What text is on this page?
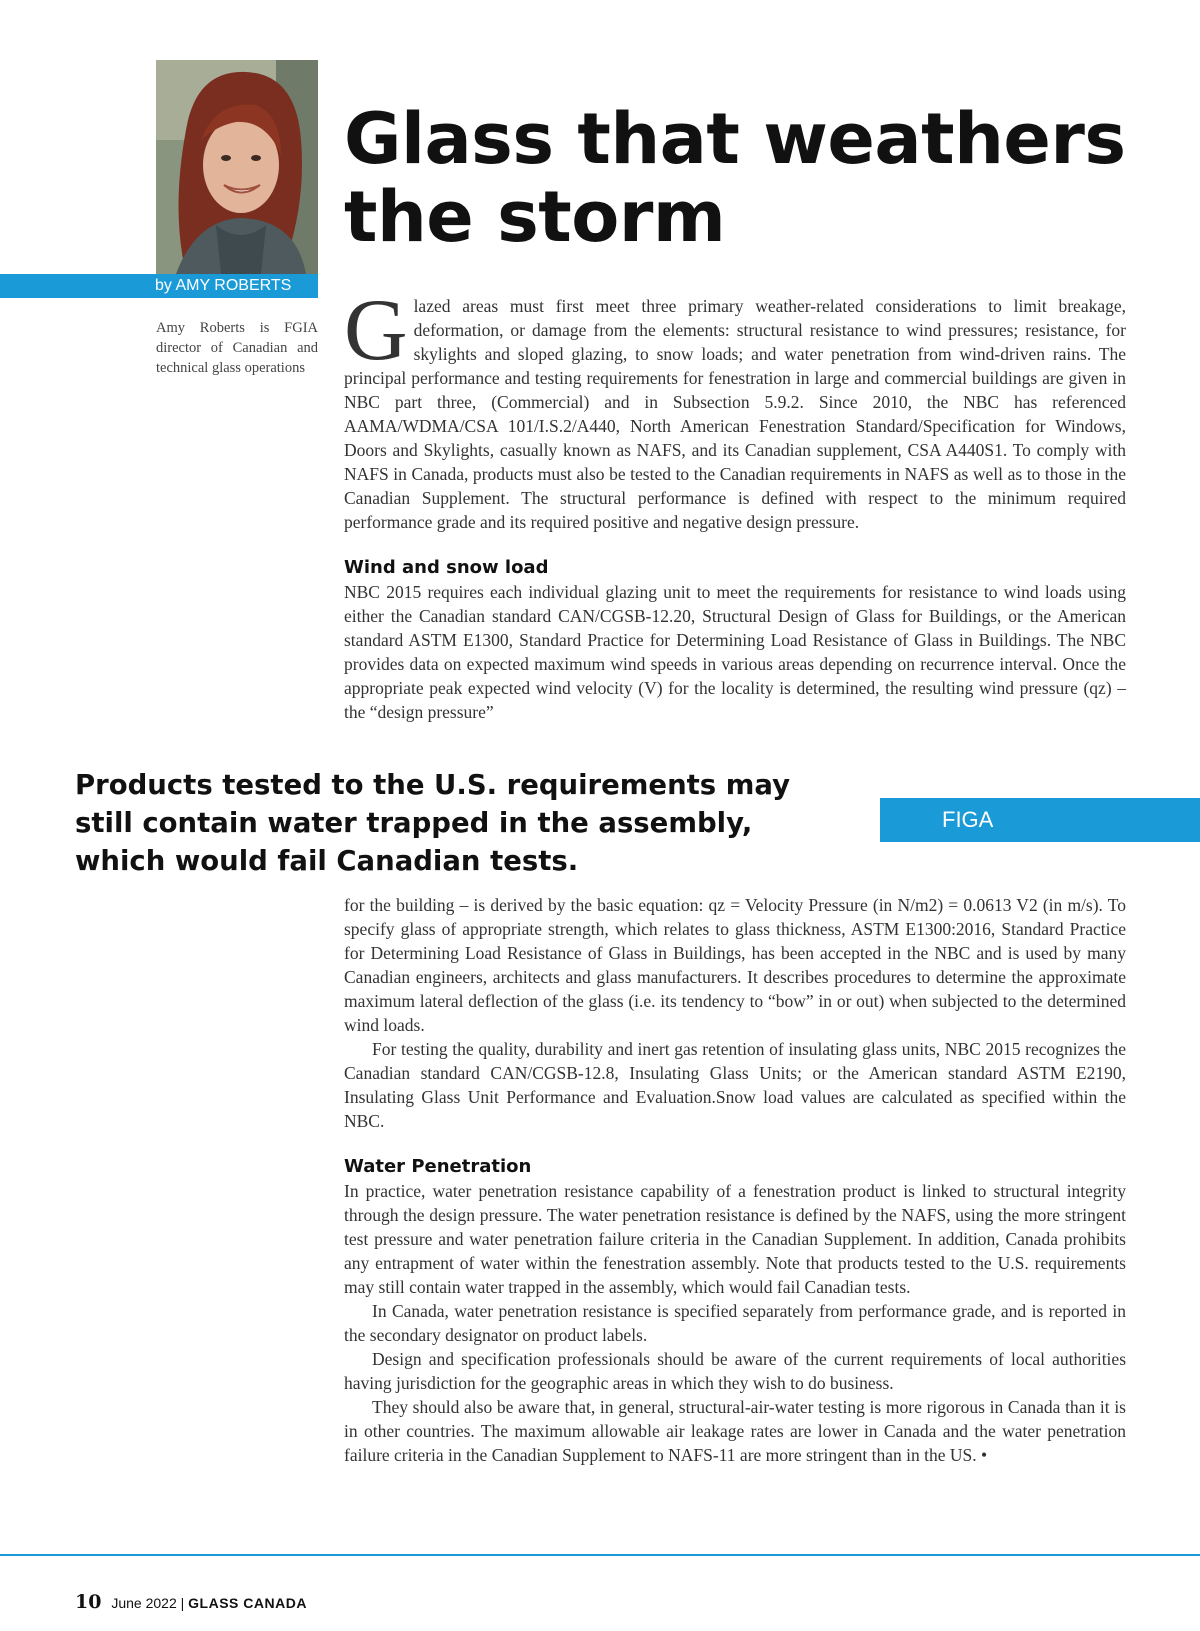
by AMY ROBERTS
Amy Roberts is FGIA director of Canadian and technical glass operations
Glass that weathers the storm

Glazed areas must first meet three primary weather-related considerations to limit breakage, deformation, or damage from the elements: structural resistance to wind pressures; resistance, for skylights and sloped glazing, to snow loads; and water penetration from wind-driven rains. The principal performance and testing requirements for fenestration in large and commercial buildings are given in NBC part three, (Commercial) and in Subsection 5.9.2. Since 2010, the NBC has referenced AAMA/WDMA/CSA 101/I.S.2/A440, North American Fenestration Standard/Specification for Windows, Doors and Skylights, casually known as NAFS, and its Canadian supplement, CSA A440S1. To comply with NAFS in Canada, products must also be tested to the Canadian requirements in NAFS as well as to those in the Canadian Supplement. The structural performance is defined with respect to the minimum required performance grade and its required positive and negative design pressure.

Wind and snow load

NBC 2015 requires each individual glazing unit to meet the requirements for resistance to wind loads using either the Canadian standard CAN/CGSB-12.20, Structural Design of Glass for Buildings, or the American standard ASTM E1300, Standard Practice for Determining Load Resistance of Glass in Buildings. The NBC provides data on expected maximum wind speeds in various areas depending on recurrence interval. Once the appropriate peak expected wind velocity (V) for the locality is determined, the resulting wind pressure (qz) – the “design pressure”

Products tested to the U.S. requirements may still contain water trapped in the assembly, which would fail Canadian tests.
FIGA

for the building – is derived by the basic equation: qz = Velocity Pressure (in N/m2) = 0.0613 V2 (in m/s). To specify glass of appropriate strength, which relates to glass thickness, ASTM E1300:2016, Standard Practice for Determining Load Resistance of Glass in Buildings, has been accepted in the NBC and is used by many Canadian engineers, architects and glass manufacturers. It describes procedures to determine the approximate maximum lateral deflection of the glass (i.e. its tendency to “bow” in or out) when subjected to the determined wind loads.

For testing the quality, durability and inert gas retention of insulating glass units, NBC 2015 recognizes the Canadian standard CAN/CGSB-12.8, Insulating Glass Units; or the American standard ASTM E2190, Insulating Glass Unit Performance and Evaluation.Snow load values are calculated as specified within the NBC.

Water Penetration

In practice, water penetration resistance capability of a fenestration product is linked to structural integrity through the design pressure. The water penetration resistance is defined by the NAFS, using the more stringent test pressure and water penetration failure criteria in the Canadian Supplement. In addition, Canada prohibits any entrapment of water within the fenestration assembly. Note that products tested to the U.S. requirements may still contain water trapped in the assembly, which would fail Canadian tests.

In Canada, water penetration resistance is specified separately from performance grade, and is reported in the secondary designator on product labels.

Design and specification professionals should be aware of the current requirements of local authorities having jurisdiction for the geographic areas in which they wish to do business.

They should also be aware that, in general, structural-air-water testing is more rigorous in Canada than it is in other countries. The maximum allowable air leakage rates are lower in Canada and the water penetration failure criteria in the Canadian Supplement to NAFS-11 are more stringent than in the US. •

10 June 2022 | GLASS CANADA
